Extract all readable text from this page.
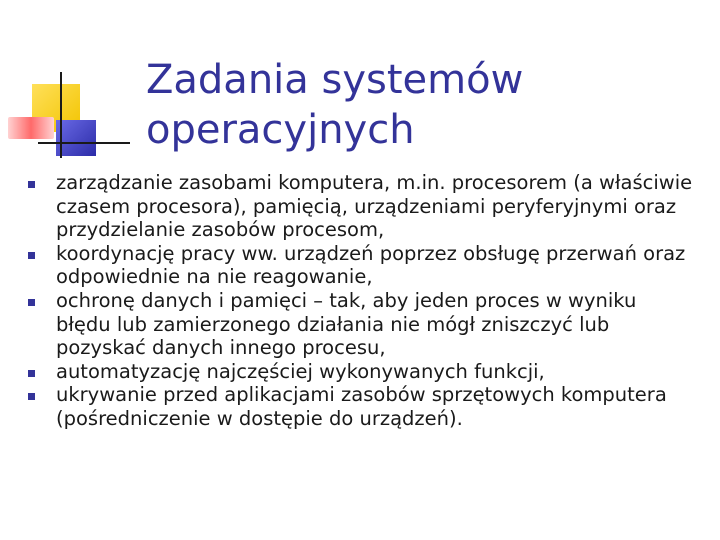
Zadania systemów
operacyjnych
zarządzanie zasobami komputera, m.in. procesorem (a właściwie czasem procesora), pamięcią, urządzeniami peryferyjnymi oraz przydzielanie zasobów procesom,
koordynację pracy ww. urządzeń poprzez obsługę przerwań oraz odpowiednie na nie reagowanie,
ochronę danych i pamięci – tak, aby jeden proces w wyniku błędu lub zamierzonego działania nie mógł zniszczyć lub pozyskać danych innego procesu,
automatyzację najczęściej wykonywanych funkcji,
ukrywanie przed aplikacjami zasobów sprzętowych komputera (pośredniczenie w dostępie do urządzeń).
